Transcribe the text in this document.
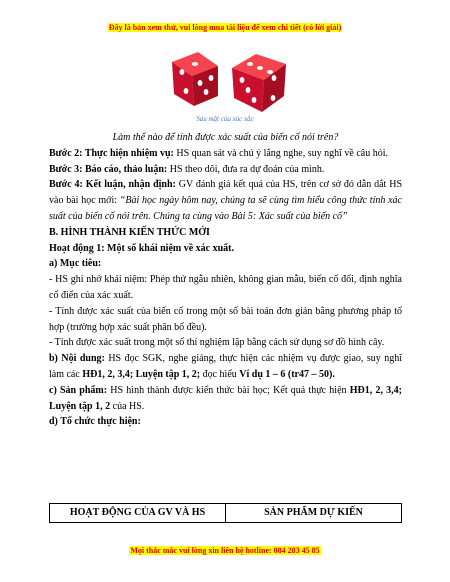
Đây là bản xem thử, vui lòng mua tài liệu để xem chi tiết (có lời giải)
Sáu mặt của xúc xắc

Làm thế nào để tính được xác suất của biến cố nói trên?

Bước 2: Thực hiện nhiệm vụ: HS quan sát và chú ý lắng nghe, suy nghĩ về câu hỏi.

Bước 3: Báo cáo, thảo luận: HS theo dõi, đưa ra dự đoán của mình.

Bước 4: Kết luận, nhận định: GV đánh giá kết quả của HS, trên cơ sở đó dẫn dắt HS vào bài học mới: “Bài học ngày hôm nay, chúng ta sẽ cùng tìm hiểu công thức tính xác suất của biến cố nói trên. Chúng ta cùng vào Bài 5: Xác suất của biến cố”

B. HÌNH THÀNH KIẾN THỨC MỚI

Hoạt động 1: Một số khái niệm về xác xuất.

a) Mục tiêu:

- HS ghi nhớ khái niệm: Phép thử ngẫu nhiên, không gian mẫu, biến cố đối, định nghĩa cổ điển của xác xuất.

- Tính được xác suất của biến cố trong một số bài toán đơn giản bằng phương pháp tổ hợp (trường hợp xác suất phân bố đều).

- Tính được xác suất trong một số thí nghiệm lặp bằng cách sử dụng sơ đồ hình cây.

b) Nội dung: HS đọc SGK, nghe giảng, thực hiện các nhiệm vụ được giao, suy nghĩ làm các HĐ1, 2, 3,4; Luyện tập 1, 2; đọc hiểu Ví dụ 1 – 6 (tr47 – 50).

c) Sản phẩm: HS hình thành được kiến thức bài học; Kết quả thực hiện HĐ1, 2, 3,4; Luyện tập 1, 2 của HS.

d) Tổ chức thực hiện:

HOẠT ĐỘNG CỦA GV VÀ HS	SẢN PHẨM DỰ KIẾN
Mọi thắc mắc vui lòng xin liên hệ hotline: 084 283 45 85
